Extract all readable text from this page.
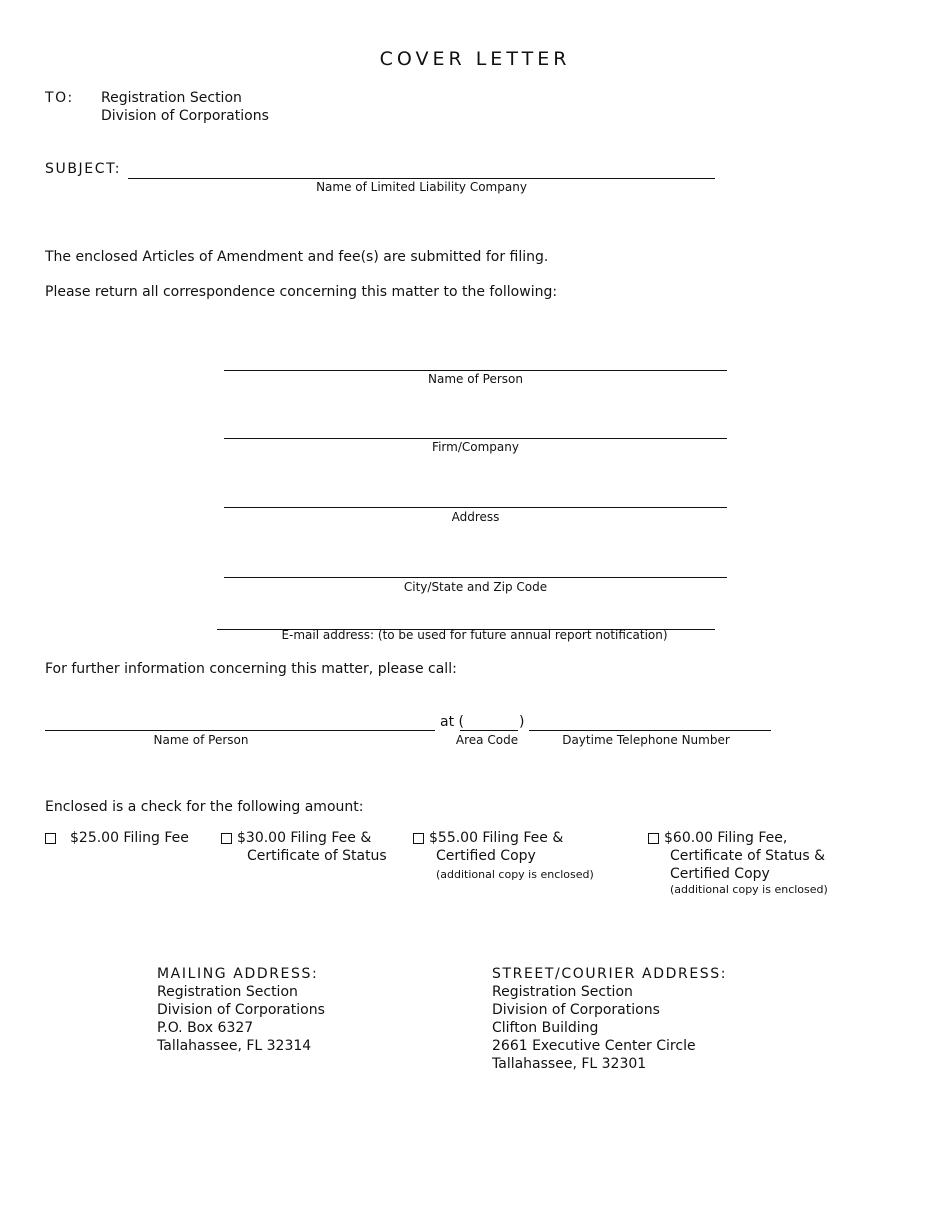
COVER LETTER
TO: Registration Section
Division of Corporations
SUBJECT:
Name of Limited Liability Company
The enclosed Articles of Amendment and fee(s) are submitted for filing.
Please return all correspondence concerning this matter to the following:
Name of Person
Firm/Company
Address
City/State and Zip Code
E-mail address: (to be used for future annual report notification)
For further information concerning this matter, please call:
at (	)
Name of Person	Area Code	Daytime Telephone Number
Enclosed is a check for the following amount:
$25.00 Filing Fee	$30.00 Filing Fee &
Certificate of Status
$55.00 Filing Fee &
Certified Copy
(additional copy is enclosed)
$60.00 Filing Fee,
Certificate of Status &
Certified Copy
(additional copy is enclosed)
MAILING ADDRESS:
Registration Section
Division of Corporations
P.O. Box 6327
Tallahassee, FL 32314
STREET/COURIER ADDRESS:
Registration Section
Division of Corporations
Clifton Building
2661 Executive Center Circle
Tallahassee, FL 32301
